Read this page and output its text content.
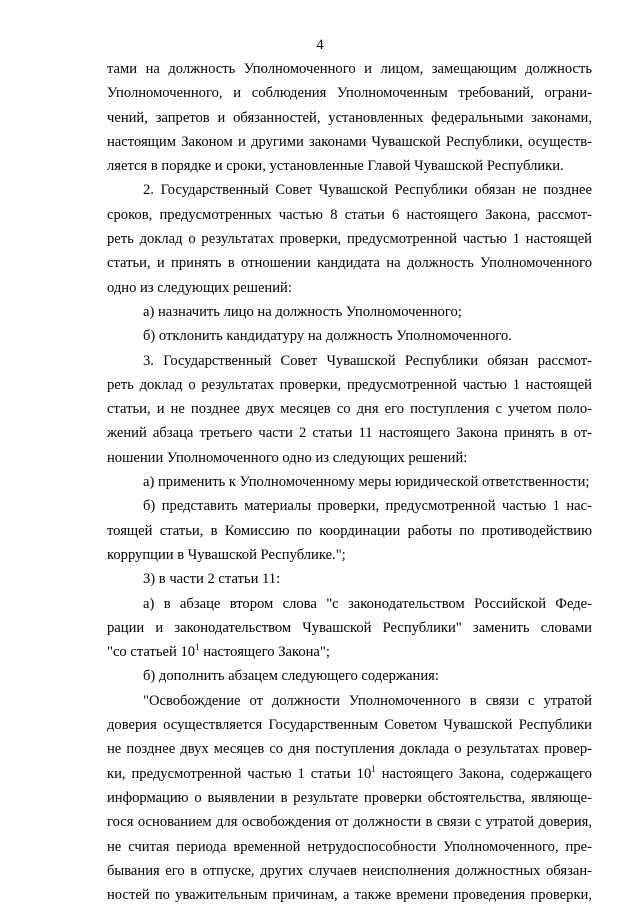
4
тами на должность Уполномоченного и лицом, замещающим должность
Уполномоченного, и соблюдения Уполномоченным требований, ограни-
чений, запретов и обязанностей, установленных федеральными законами,
настоящим Законом и другими законами Чувашской Республики, осуществ-
ляется в порядке и сроки, установленные Главой Чувашской Республики.
2. Государственный Совет Чувашской Республики обязан не позднее
сроков, предусмотренных частью 8 статьи 6 настоящего Закона, рассмот-
реть доклад о результатах проверки, предусмотренной частью 1 настоящей
статьи, и принять в отношении кандидата на должность Уполномоченного
одно из следующих решений:
а) назначить лицо на должность Уполномоченного;
б) отклонить кандидатуру на должность Уполномоченного.
3. Государственный Совет Чувашской Республики обязан рассмот-
реть доклад о результатах проверки, предусмотренной частью 1 настоящей
статьи, и не позднее двух месяцев со дня его поступления с учетом поло-
жений абзаца третьего части 2 статьи 11 настоящего Закона принять в от-
ношении Уполномоченного одно из следующих решений:
а) применить к Уполномоченному меры юридической ответственности;
б) представить материалы проверки, предусмотренной частью 1 нас-
тоящей статьи, в Комиссию по координации работы по противодействию
коррупции в Чувашской Республике.";
3) в части 2 статьи 11:
а) в абзаце втором слова "с законодательством Российской Феде-
рации и законодательством Чувашской Республики" заменить словами
"со статьей $10^1$ настоящего Закона";
б) дополнить абзацем следующего содержания:
"Освобождение от должности Уполномоченного в связи с утратой
доверия осуществляется Государственным Советом Чувашской Республики
не позднее двух месяцев со дня поступления доклада о результатах провер-
ки, предусмотренной частью 1 статьи $10^1$ настоящего Закона, содержащего
информацию о выявлении в результате проверки обстоятельства, являюще-
гося основанием для освобождения от должности в связи с утратой доверия,
не считая периода временной нетрудоспособности Уполномоченного, пре-
бывания его в отпуске, других случаев неисполнения должностных обязан-
ностей по уважительным причинам, а также времени проведения проверки,
